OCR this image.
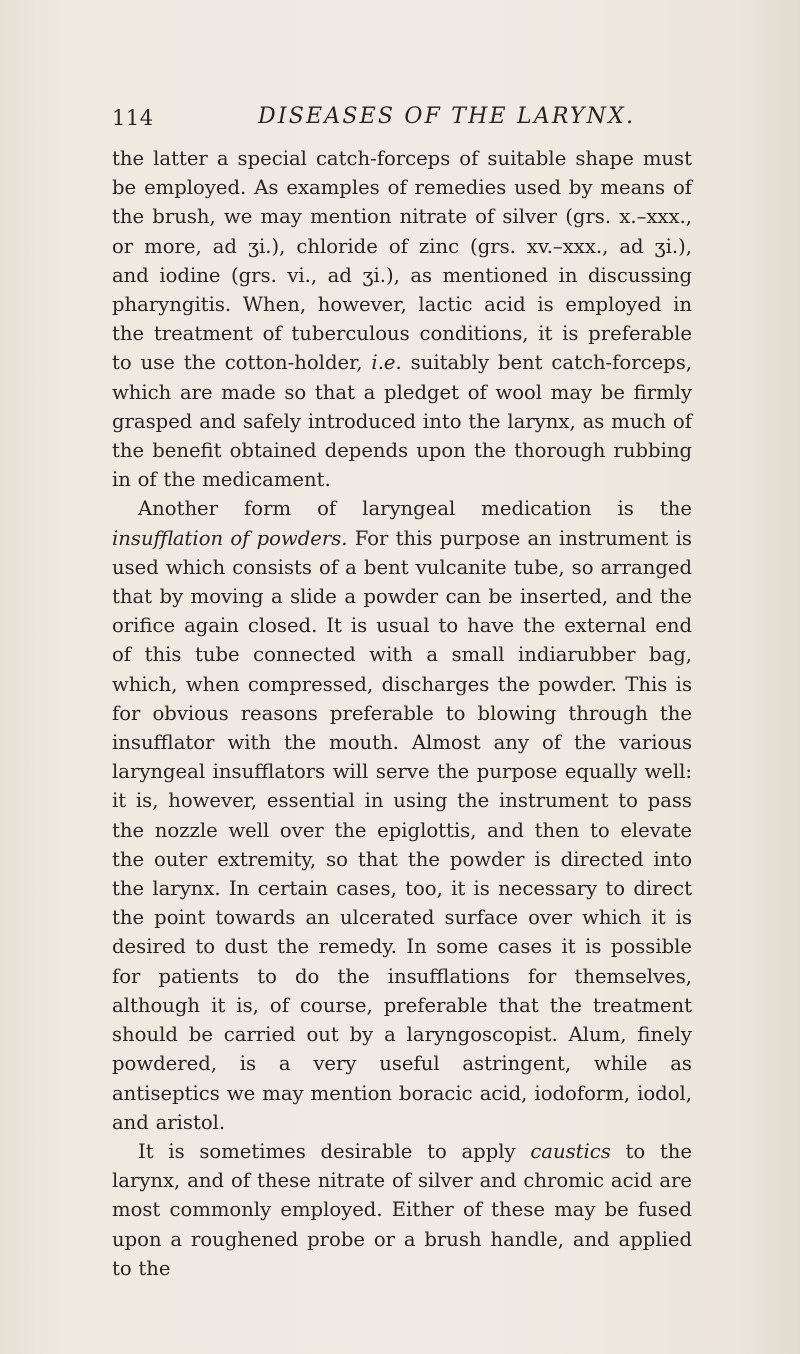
114	DISEASES OF THE LARYNX.

the latter a special catch-forceps of suitable shape must be employed. As examples of remedies used by means of the brush, we may mention nitrate of silver (grs. x.–xxx., or more, ad ʒi.), chloride of zinc (grs. xv.–xxx., ad ʒi.), and iodine (grs. vi., ad ʒi.), as mentioned in discussing pharyngitis. When, however, lactic acid is employed in the treatment of tuberculous conditions, it is preferable to use the cotton-holder, i.e. suitably bent catch-forceps, which are made so that a pledget of wool may be firmly grasped and safely introduced into the larynx, as much of the benefit obtained depends upon the thorough rubbing in of the medicament.

Another form of laryngeal medication is the insufflation of powders. For this purpose an instrument is used which consists of a bent vulcanite tube, so arranged that by moving a slide a powder can be inserted, and the orifice again closed. It is usual to have the external end of this tube connected with a small indiarubber bag, which, when compressed, discharges the powder. This is for obvious reasons preferable to blowing through the insufflator with the mouth. Almost any of the various laryngeal insufflators will serve the purpose equally well: it is, however, essential in using the instrument to pass the nozzle well over the epiglottis, and then to elevate the outer extremity, so that the powder is directed into the larynx. In certain cases, too, it is necessary to direct the point towards an ulcerated surface over which it is desired to dust the remedy. In some cases it is possible for patients to do the insufflations for themselves, although it is, of course, preferable that the treatment should be carried out by a laryngoscopist. Alum, finely powdered, is a very useful astringent, while as antiseptics we may mention boracic acid, iodoform, iodol, and aristol.

It is sometimes desirable to apply caustics to the larynx, and of these nitrate of silver and chromic acid are most commonly employed. Either of these may be fused upon a roughened probe or a brush handle, and applied to the
